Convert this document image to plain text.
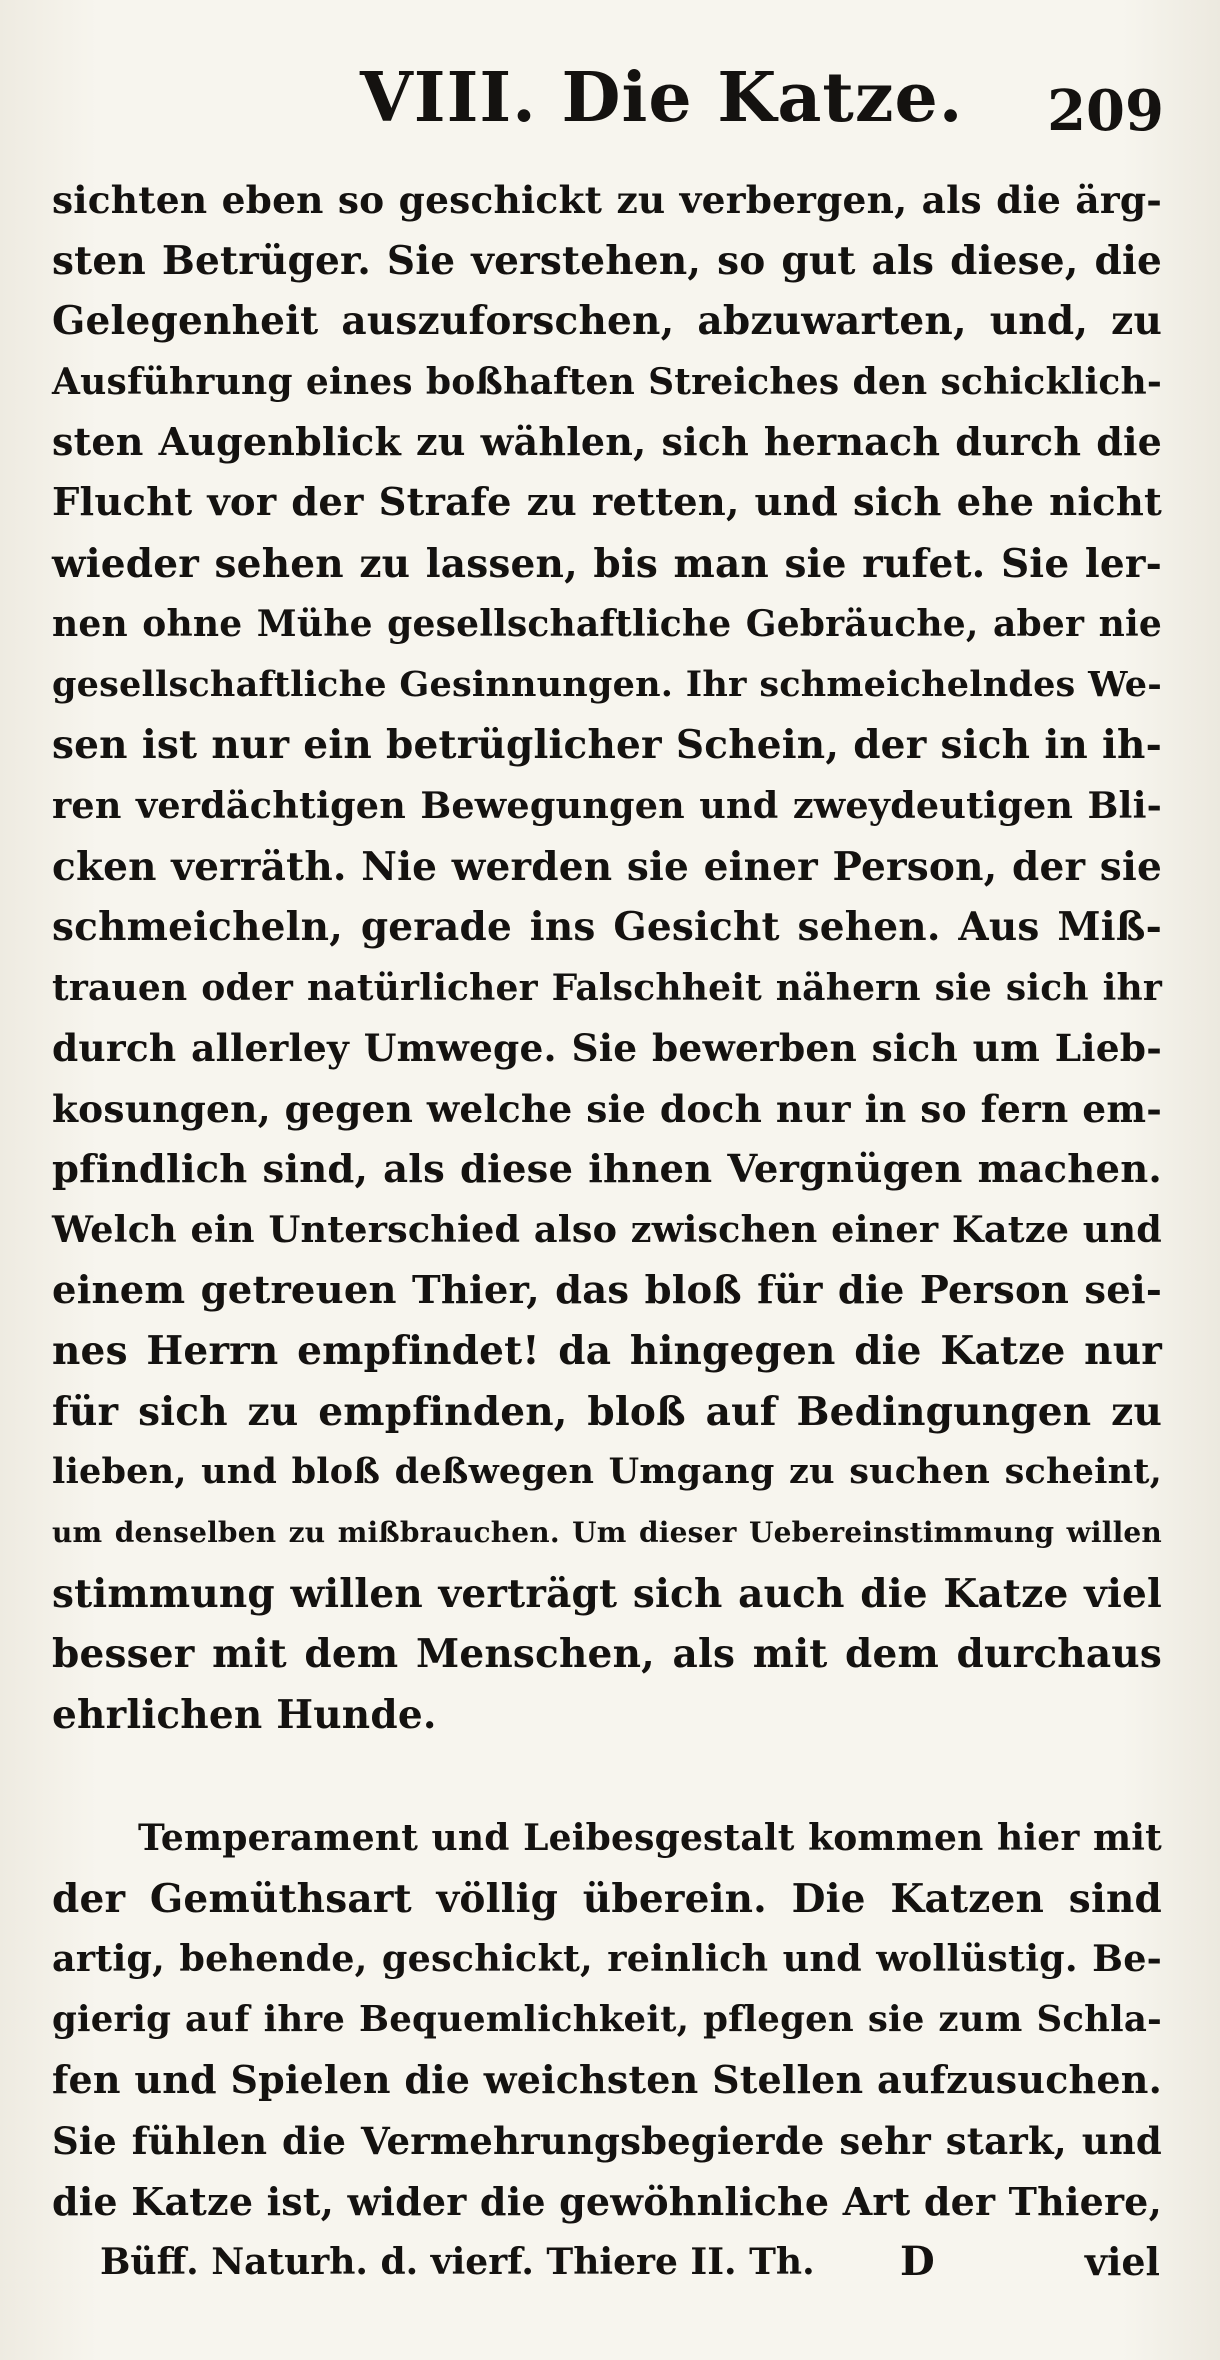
VIII. Die Katze. 209
sichten eben so geschickt zu verbergen, als die ärg-
sten Betrüger. Sie verstehen, so gut als diese, die
Gelegenheit auszuforschen, abzuwarten, und, zu
Ausführung eines boßhaften Streiches den schicklich-
sten Augenblick zu wählen, sich hernach durch die
Flucht vor der Strafe zu retten, und sich ehe nicht
wieder sehen zu lassen, bis man sie rufet. Sie ler-
nen ohne Mühe gesellschaftliche Gebräuche, aber nie
gesellschaftliche Gesinnungen. Ihr schmeichelndes We-
sen ist nur ein betrüglicher Schein, der sich in ih-
ren verdächtigen Bewegungen und zweydeutigen Bli-
cken verräth. Nie werden sie einer Person, der sie
schmeicheln, gerade ins Gesicht sehen. Aus Miß-
trauen oder natürlicher Falschheit nähern sie sich ihr
durch allerley Umwege. Sie bewerben sich um Lieb-
kosungen, gegen welche sie doch nur in so fern em-
pfindlich sind, als diese ihnen Vergnügen machen.
Welch ein Unterschied also zwischen einer Katze und
einem getreuen Thier, das bloß für die Person sei-
nes Herrn empfindet! da hingegen die Katze nur
für sich zu empfinden, bloß auf Bedingungen zu
lieben, und bloß deßwegen Umgang zu suchen scheint,
um denselben zu mißbrauchen. Um dieser Uebereinstimmung willen
stimmung willen verträgt sich auch die Katze viel
besser mit dem Menschen, als mit dem durchaus
ehrlichen Hunde.
Temperament und Leibesgestalt kommen hier mit
der Gemüthsart völlig überein. Die Katzen sind
artig, behende, geschickt, reinlich und wollüstig. Be-
gierig auf ihre Bequemlichkeit, pflegen sie zum Schla-
fen und Spielen die weichsten Stellen aufzusuchen.
Sie fühlen die Vermehrungsbegierde sehr stark, und
die Katze ist, wider die gewöhnliche Art der Thiere,
Büff. Naturh. d. vierf. Thiere II. Th. D	viel
